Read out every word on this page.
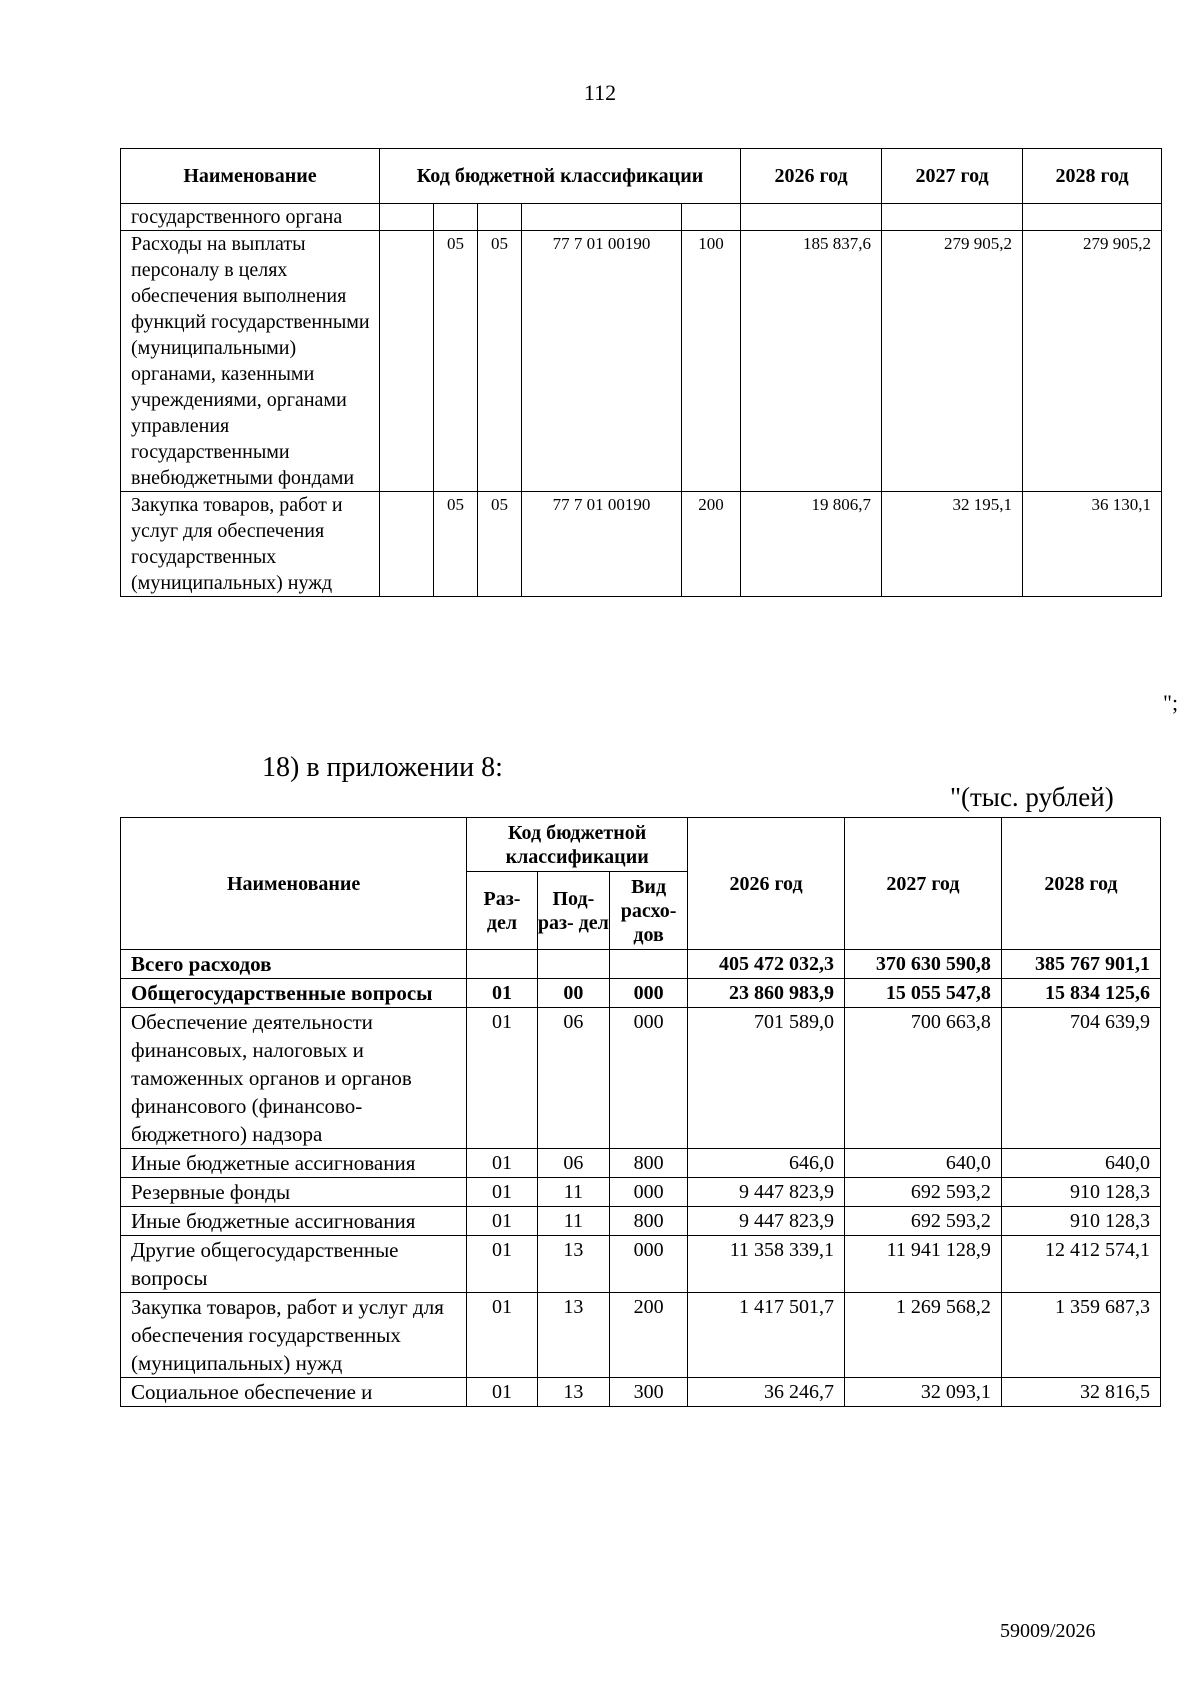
112
Наименование	Код бюджетной классификации					2026 год	2027 год	2028 год
государственного органа								
Расходы на выплаты персоналу в целях обеспечения выполнения функций государственными (муниципальными) органами, казенными учреждениями, органами управления государственными внебюджетными фондами		05	05	77 7 01 00190	100	185 837,6	279 905,2	279 905,2
Закупка товаров, работ и услуг для обеспечения государственных (муниципальных) нужд		05	05	77 7 01 00190	200	19 806,7	32 195,1	36 130,1
";
18) в приложении 8:
"(тыс. рублей)
Наименование	Код бюджетной классификации			2026 год	2027 год	2028 год
	Раз- дел	Под- раз- дел	Вид расхо- дов			
Всего расходов				405 472 032,3	370 630 590,8	385 767 901,1
Общегосударственные вопросы	01	00	000	23 860 983,9	15 055 547,8	15 834 125,6
Обеспечение деятельности финансовых, налоговых и таможенных органов и органов финансового (финансово-бюджетного) надзора	01	06	000	701 589,0	700 663,8	704 639,9
Иные бюджетные ассигнования	01	06	800	646,0	640,0	640,0
Резервные фонды	01	11	000	9 447 823,9	692 593,2	910 128,3
Иные бюджетные ассигнования	01	11	800	9 447 823,9	692 593,2	910 128,3
Другие общегосударственные вопросы	01	13	000	11 358 339,1	11 941 128,9	12 412 574,1
Закупка товаров, работ и услуг для обеспечения государственных (муниципальных) нужд	01	13	200	1 417 501,7	1 269 568,2	1 359 687,3
Социальное обеспечение и	01	13	300	36 246,7	32 093,1	32 816,5
59009/2026
